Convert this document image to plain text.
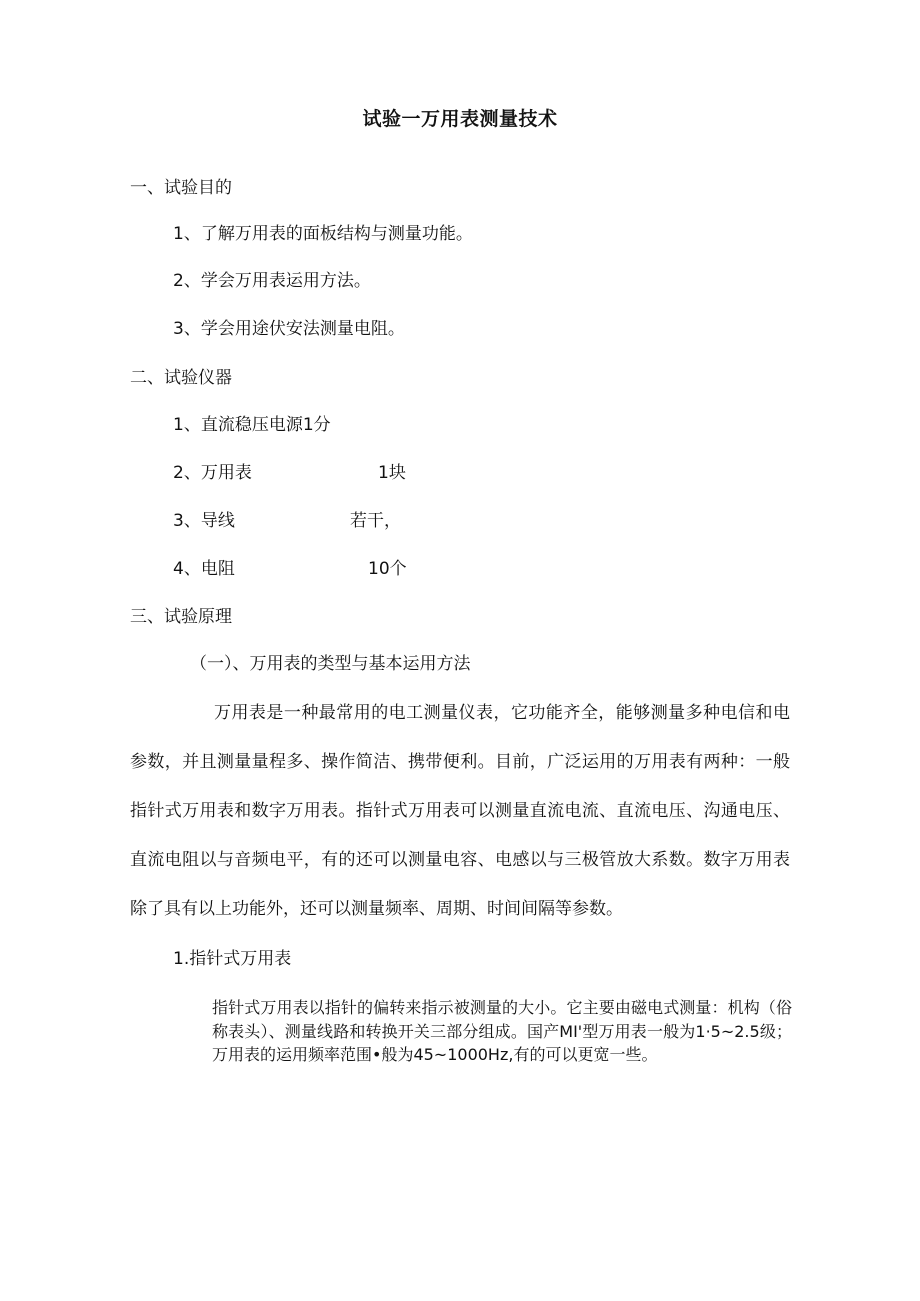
试验一万用表测量技术
一、试验目的
1、了解万用表的面板结构与测量功能。
2、学会万用表运用方法。
3、学会用途伏安法测量电阻。
二、试验仪器
1、直流稳压电源1分
2、万用表	1块
3、导线	若干，
4、电阻	10个
三、试验原理
（一）、万用表的类型与基本运用方法
万用表是一种最常用的电工测量仪表，它功能齐全，能够测量多种电信和电参数，并且测量量程多、操作简洁、携带便利。目前，广泛运用的万用表有两种：一般指针式万用表和数字万用表。指针式万用表可以测量直流电流、直流电压、沟通电压、直流电阻以与音频电平，有的还可以测量电容、电感以与三极管放大系数。数字万用表除了具有以上功能外，还可以测量频率、周期、时间间隔等参数。
1.指针式万用表
指针式万用表以指针的偏转来指示被测量的大小。它主要由磁电式测量：机构（俗称表头）、测量线路和转换开关三部分组成。国产MI'型万用表一般为1·5~2.5级；万用表的运用频率范围•般为45~1000Hz,有的可以更宽一些。
